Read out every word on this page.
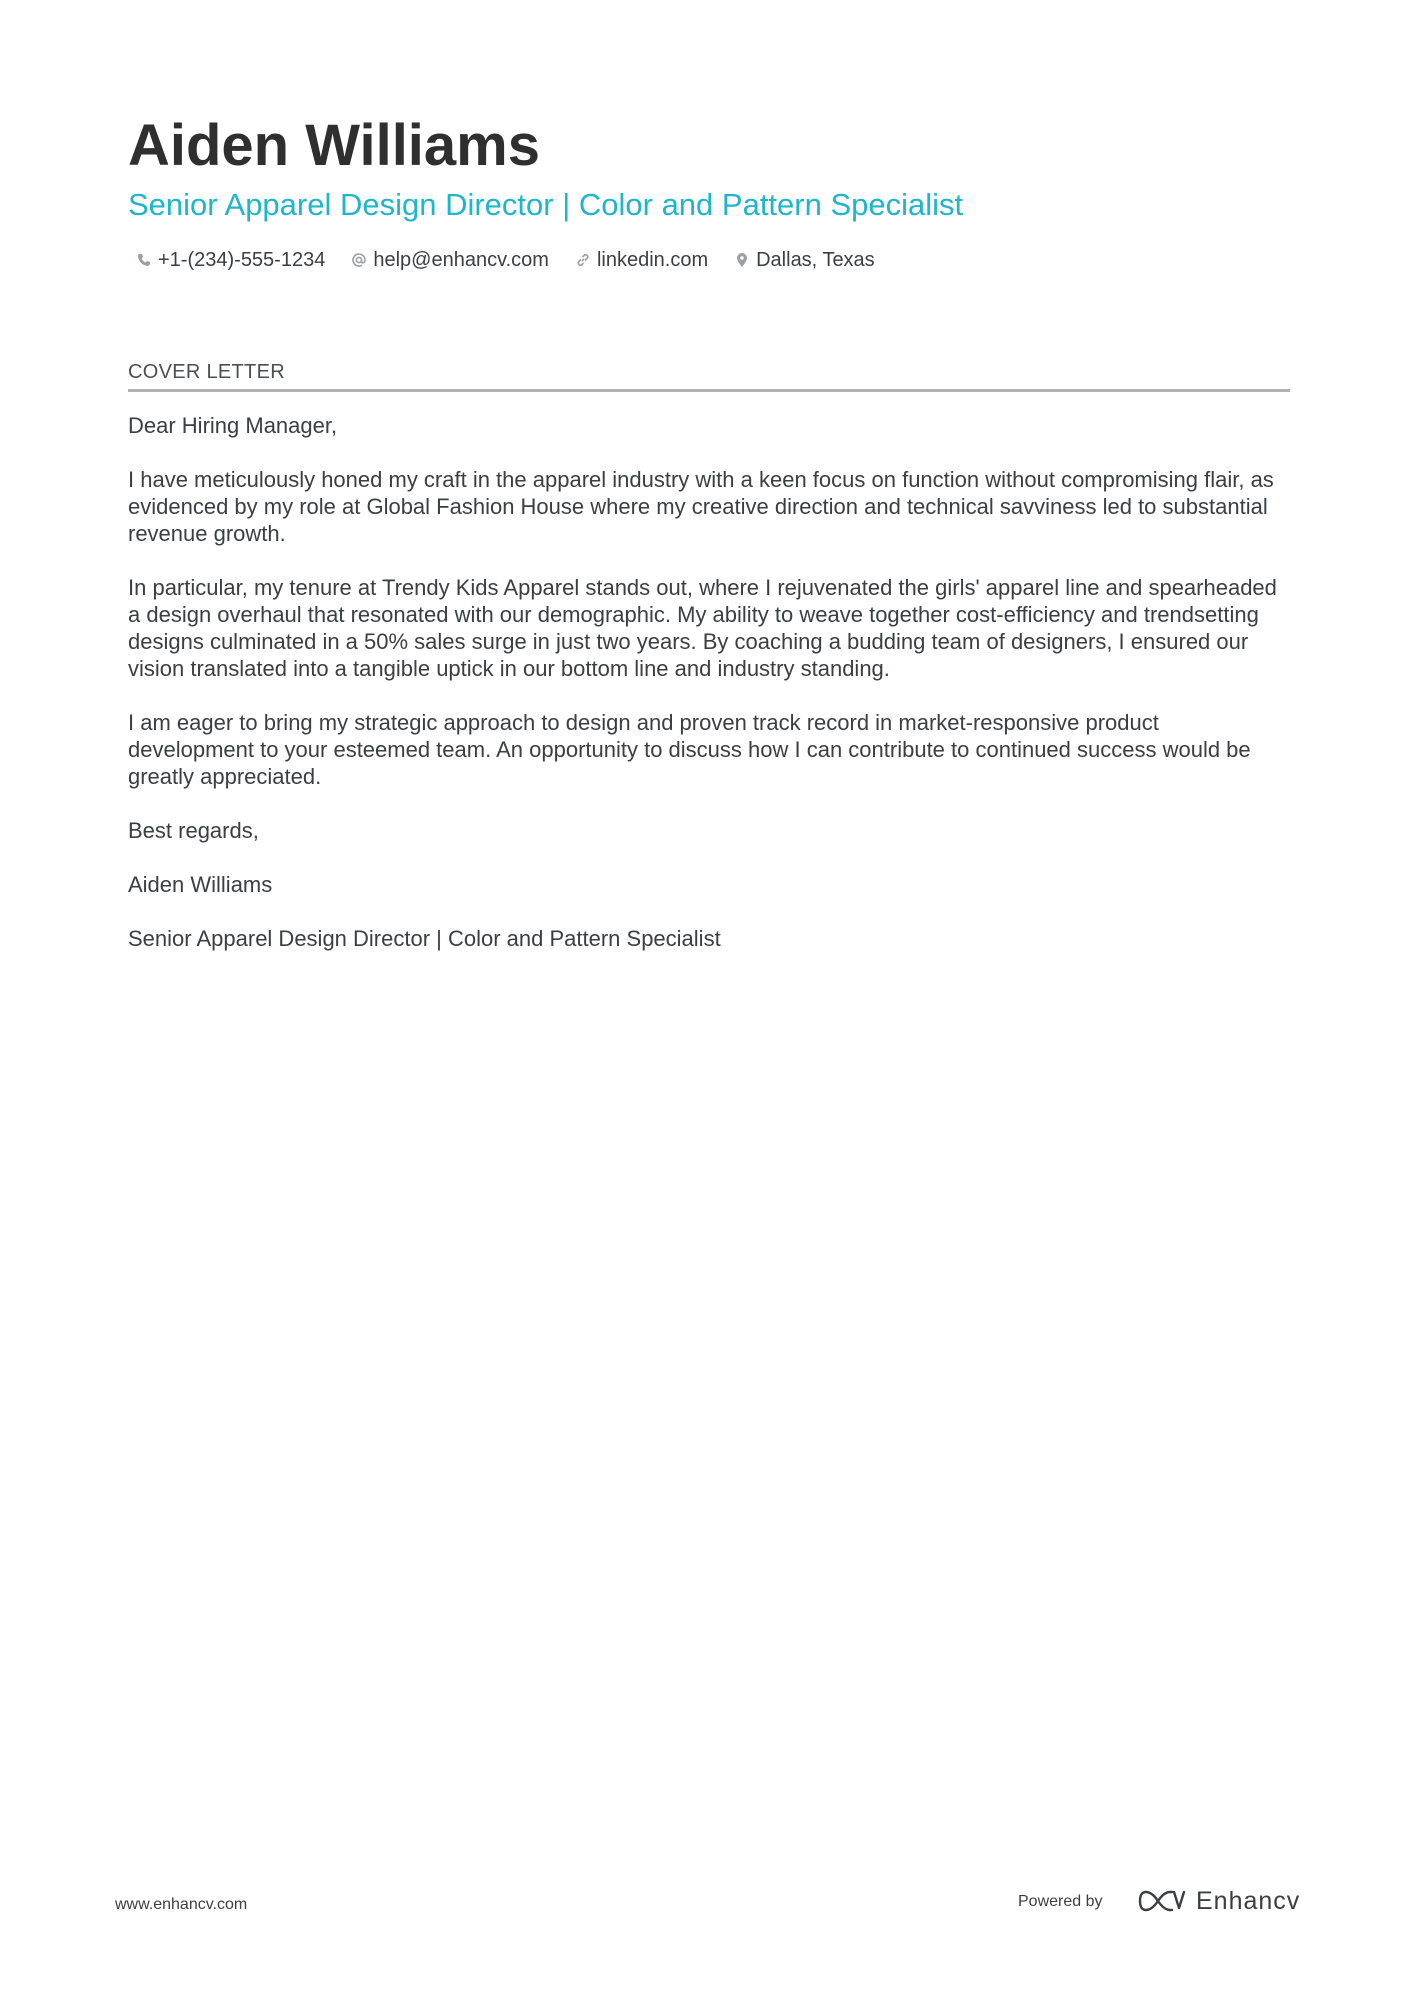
Aiden Williams
Senior Apparel Design Director | Color and Pattern Specialist
+1-(234)-555-1234 help@enhancv.com linkedin.com Dallas, Texas
COVER LETTER

Dear Hiring Manager,

I have meticulously honed my craft in the apparel industry with a keen focus on function without compromising flair, as evidenced by my role at Global Fashion House where my creative direction and technical savviness led to substantial revenue growth.

In particular, my tenure at Trendy Kids Apparel stands out, where I rejuvenated the girls' apparel line and spearheaded a design overhaul that resonated with our demographic. My ability to weave together cost-efficiency and trendsetting designs culminated in a 50% sales surge in just two years. By coaching a budding team of designers, I ensured our vision translated into a tangible uptick in our bottom line and industry standing.

I am eager to bring my strategic approach to design and proven track record in market-responsive product development to your esteemed team. An opportunity to discuss how I can contribute to continued success would be greatly appreciated.

Best regards,

Aiden Williams

Senior Apparel Design Director | Color and Pattern Specialist

www.enhancv.com	Powered by	Enhancv
